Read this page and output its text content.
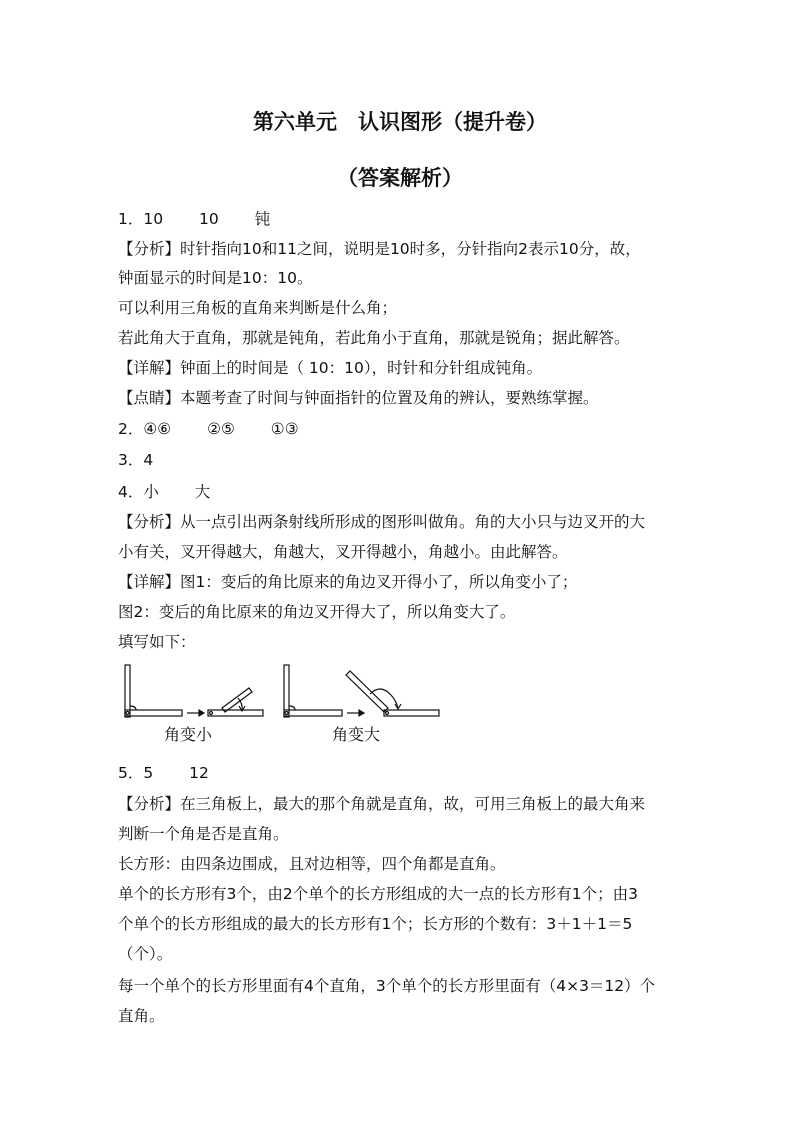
第六单元　认识图形（提升卷）
（答案解析）
1．10　　 10　　 钝
【分析】时针指向10和11之间，说明是10时多，分针指向2表示10分，故，
钟面显示的时间是10：10。
可以利用三角板的直角来判断是什么角；
若此角大于直角，那就是钝角，若此角小于直角，那就是锐角；据此解答。
【详解】钟面上的时间是（ 10：10），时针和分针组成钝角。
【点睛】本题考查了时间与钟面指针的位置及角的辨认，要熟练掌握。
2．④⑥　　 ②⑤　　 ①③
3．4
4．小　　 大
【分析】从一点引出两条射线所形成的图形叫做角。角的大小只与边叉开的大
小有关，叉开得越大，角越大，叉开得越小，角越小。由此解答。
【详解】图1：变后的角比原来的角边叉开得小了，所以角变小了；
图2：变后的角比原来的角边叉开得大了，所以角变大了。
填写如下：
角变小	角变大
5．5　　 12
【分析】在三角板上，最大的那个角就是直角，故，可用三角板上的最大角来
判断一个角是否是直角。
长方形：由四条边围成，且对边相等，四个角都是直角。
单个的长方形有3个，由2个单个的长方形组成的大一点的长方形有1个；由3
个单个的长方形组成的最大的长方形有1个；长方形的个数有：3＋1＋1＝5
（个）。
每一个单个的长方形里面有4个直角，3个单个的长方形里面有（4×3＝12）个
直角。
